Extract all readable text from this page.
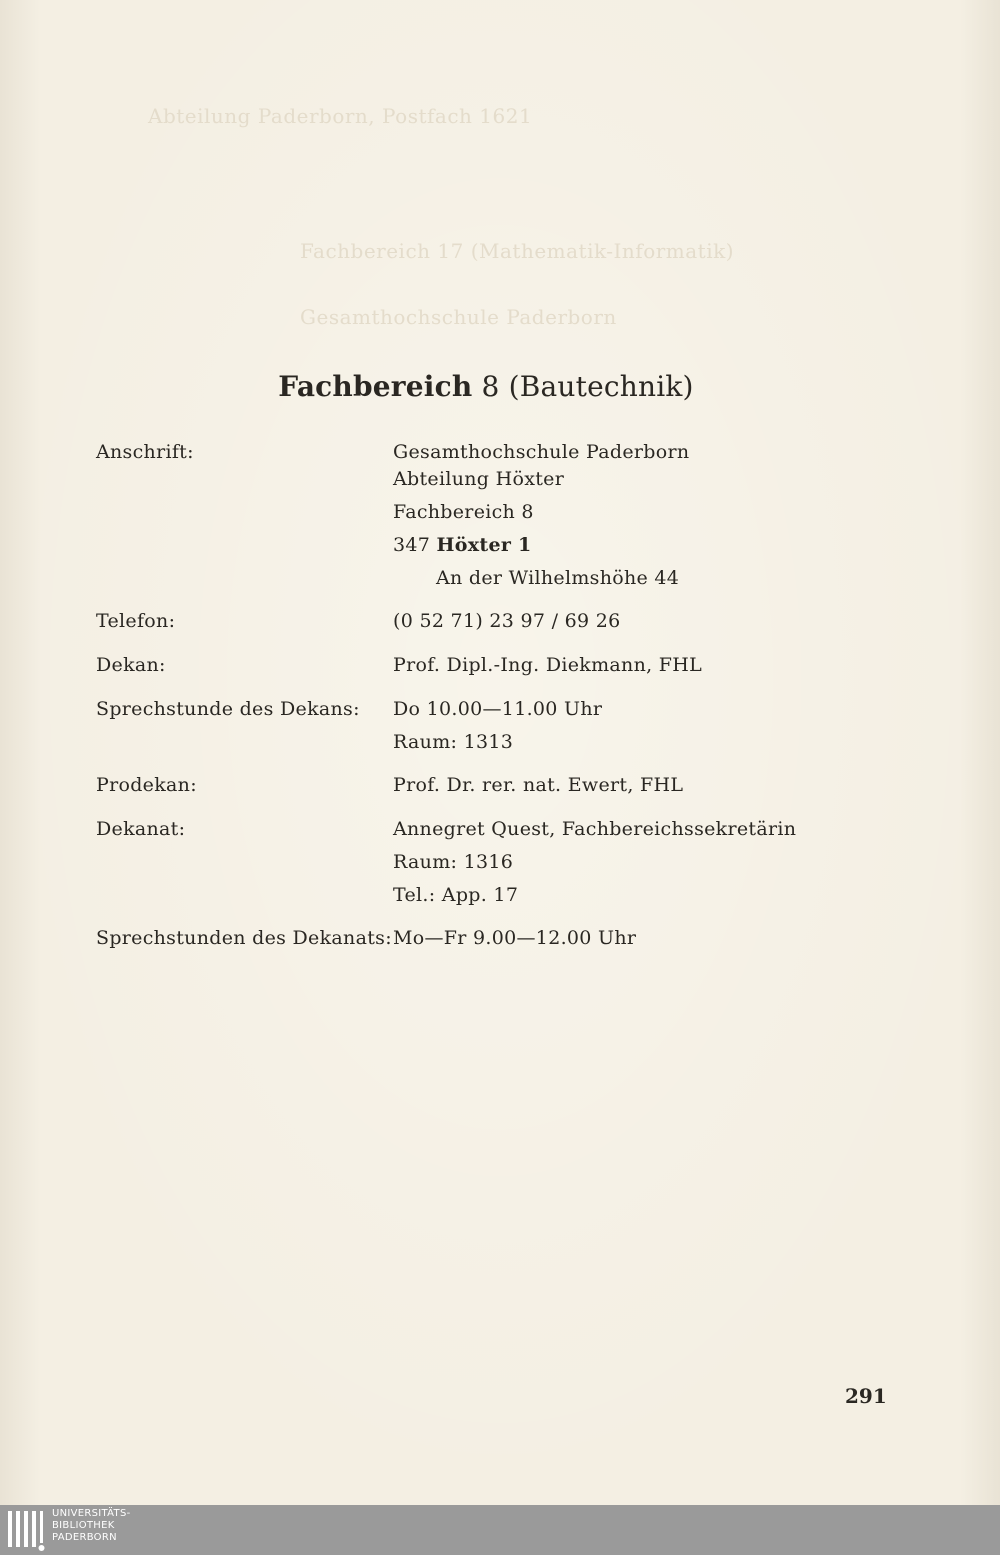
Abteilung Paderborn, Postfach 1621
Fachbereich 17 (Mathematik-Informatik)
Gesamthochschule Paderborn
Fachbereich 8 (Bautechnik)
Anschrift:	Gesamthochschule Paderborn
Abteilung Höxter
Fachbereich 8
347 Höxter 1
An der Wilhelmshöhe 44
Telefon:	(0 52 71) 23 97 / 69 26
Dekan:	Prof. Dipl.-Ing. Diekmann, FHL
Sprechstunde des Dekans: Do 10.00—11.00 Uhr
Raum: 1313
Prodekan:	Prof. Dr. rer. nat. Ewert, FHL
Dekanat:	Annegret Quest, Fachbereichssekretärin
Raum: 1316
Tel.: App. 17
Sprechstunden des Dekanats: Mo—Fr 9.00—12.00 Uhr
291
UNIVERSITÄTS-
BIBLIOTHEK
PADERBORN
